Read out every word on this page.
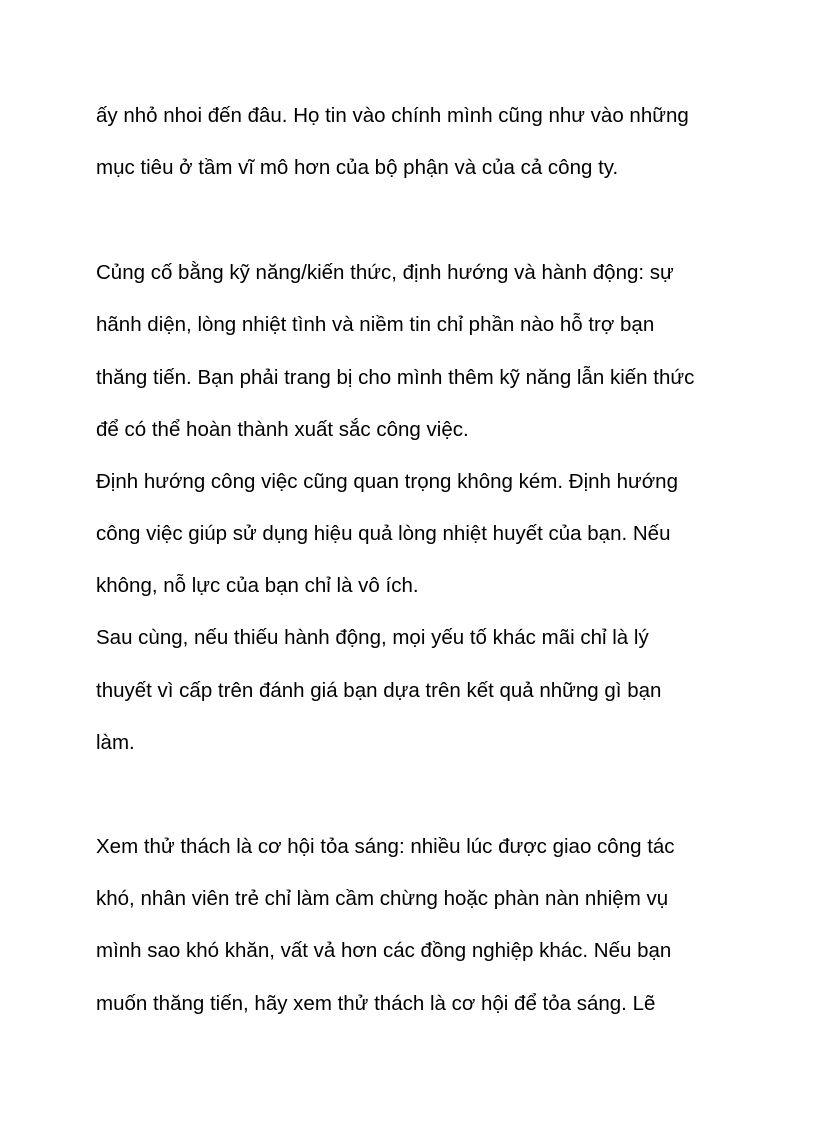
ấy nhỏ nhoi đến đâu. Họ tin vào chính mình cũng như vào những

mục tiêu ở tầm vĩ mô hơn của bộ phận và của cả công ty.

Củng cố bằng kỹ năng/kiến thức, định hướng và hành động: sự

hãnh diện, lòng nhiệt tình và niềm tin chỉ phần nào hỗ trợ bạn

thăng tiến. Bạn phải trang bị cho mình thêm kỹ năng lẫn kiến thức

để có thể hoàn thành xuất sắc công việc.

Định hướng công việc cũng quan trọng không kém. Định hướng

công việc giúp sử dụng hiệu quả lòng nhiệt huyết của bạn. Nếu

không, nỗ lực của bạn chỉ là vô ích.

Sau cùng, nếu thiếu hành động, mọi yếu tố khác mãi chỉ là lý

thuyết vì cấp trên đánh giá bạn dựa trên kết quả những gì bạn

làm.

Xem thử thách là cơ hội tỏa sáng: nhiều lúc được giao công tác

khó, nhân viên trẻ chỉ làm cầm chừng hoặc phàn nàn nhiệm vụ

mình sao khó khăn, vất vả hơn các đồng nghiệp khác. Nếu bạn

muốn thăng tiến, hãy xem thử thách là cơ hội để tỏa sáng. Lẽ
